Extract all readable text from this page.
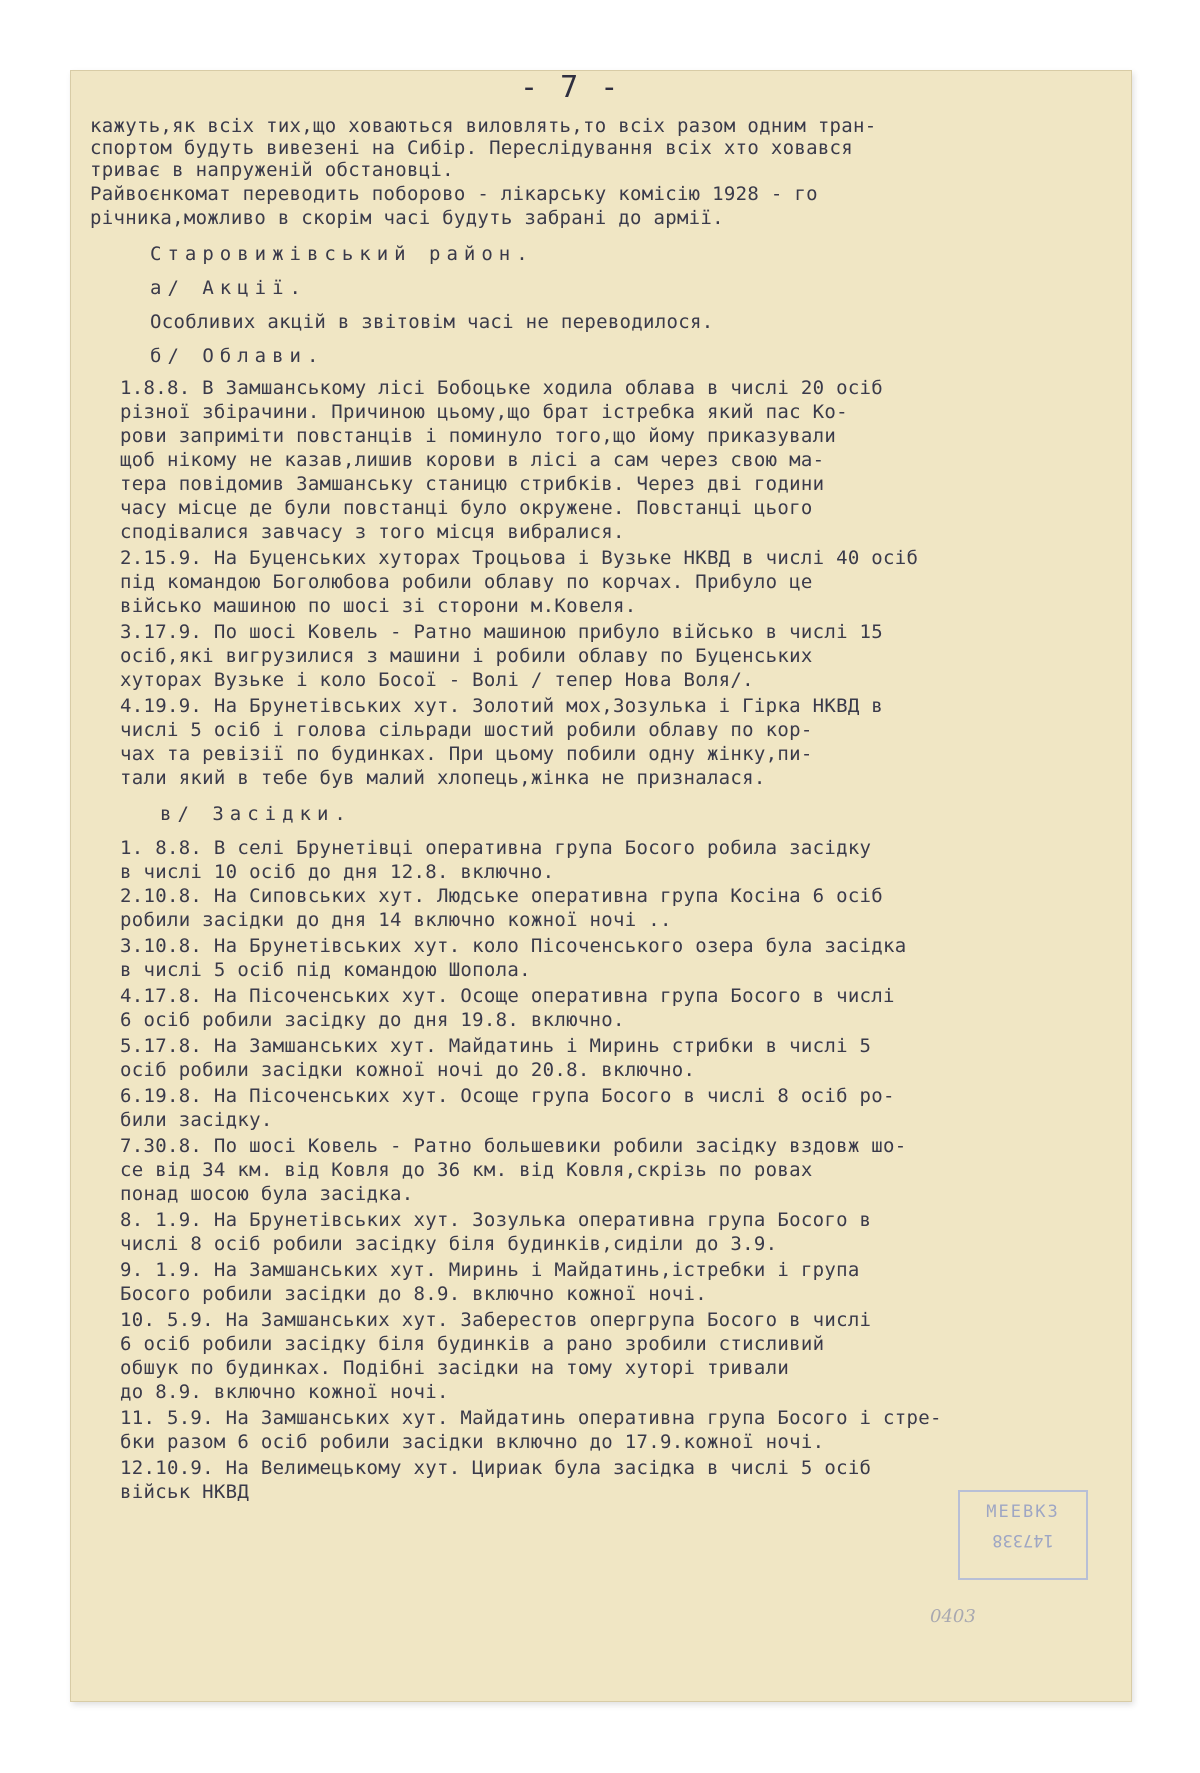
- 7 -
кажуть,як всіх тих,що ховаються виловлять,то всіх разом одним тран-
спортом будуть вивезені на Сибір. Переслідування всіх хто ховався
триває в напруженій обстановці.
Райвоєнкомат переводить поборово - лікарську комісію 1928 - го
річника,можливо в скорім часі будуть забрані до армії.
Старовижівський район.
а/ Акції.
Особливих акцій в звітовім часі не переводилося.
б/ Облави.
1.8.8. В Замшанському лісі Бобоцьке ходила облава в числі 20 осіб
різної збірачини. Причиною цьому,що брат істребка який пас Ко-
рови заприміти повстанців і поминуло того,що йому приказували
щоб нікому не казав,лишив корови в лісі а сам через свою ма-
тера повідомив Замшанську станицю стрибків. Через дві години
часу місце де були повстанці було окружене. Повстанці цього
сподівалися завчасу з того місця вибралися.
2.15.9. На Буценських хуторах Троцьова і Вузьке НКВД в числі 40 осіб
під командою Боголюбова робили облаву по корчах. Прибуло це
військо машиною по шосі зі сторони м.Ковеля.
3.17.9. По шосі Ковель - Ратно машиною прибуло військо в числі 15
осіб,які вигрузилися з машини і робили облаву по Буценських
хуторах Вузьке і коло Босої - Волі / тепер Нова Воля/.
4.19.9. На Брунетівських хут. Золотий мох,Зозулька і Гірка НКВД в
числі 5 осіб і голова сільради шостий робили облаву по кор-
чах та ревізії по будинках. При цьому побили одну жінку,пи-
тали який в тебе був малий хлопець,жінка не призналася.
в/ Засідки.
1. 8.8. В селі Брунетівці оперативна група Босого робила засідку
в числі 10 осіб до дня 12.8. включно.
2.10.8. На Сиповських хут. Людське оперативна група Косіна 6 осіб
робили засідки до дня 14 включно кожної ночі ..
3.10.8. На Брунетівських хут. коло Пісоченського озера була засідка
в числі 5 осіб під командою Шопола.
4.17.8. На Пісоченських хут. Осоще оперативна група Босого в числі
6 осіб робили засідку до дня 19.8. включно.
5.17.8. На Замшанських хут. Майдатинь і Миринь стрибки в числі 5
осіб робили засідки кожної ночі до 20.8. включно.
6.19.8. На Пісоченських хут. Осоще група Босого в числі 8 осіб ро-
били засідку.
7.30.8. По шосі Ковель - Ратно большевики робили засідку вздовж шо-
се від 34 км. від Ковля до 36 км. від Ковля,скрізь по ровах
понад шосою була засідка.
8. 1.9. На Брунетівських хут. Зозулька оперативна група Босого в
числі 8 осіб робили засідку біля будинків,сиділи до 3.9.
9. 1.9. На Замшанських хут. Миринь і Майдатинь,істребки і група
Босого робили засідки до 8.9. включно кожної ночі.
10. 5.9. На Замшанських хут. Заберестов опергрупа Босого в числі
6 осіб робили засідку біля будинків а рано зробили стисливий
обшук по будинках. Подібні засідки на тому хуторі тривали
до 8.9. включно кожної ночі.
11. 5.9. На Замшанських хут. Майдатинь оперативна група Босого і стре-
бки разом 6 осіб робили засідки включно до 17.9.кожної ночі.
12.10.9. На Велимецькому хут. Цириак була засідка в числі 5 осіб
військ НКВД
МЕЕВКЗ
147338
0403
